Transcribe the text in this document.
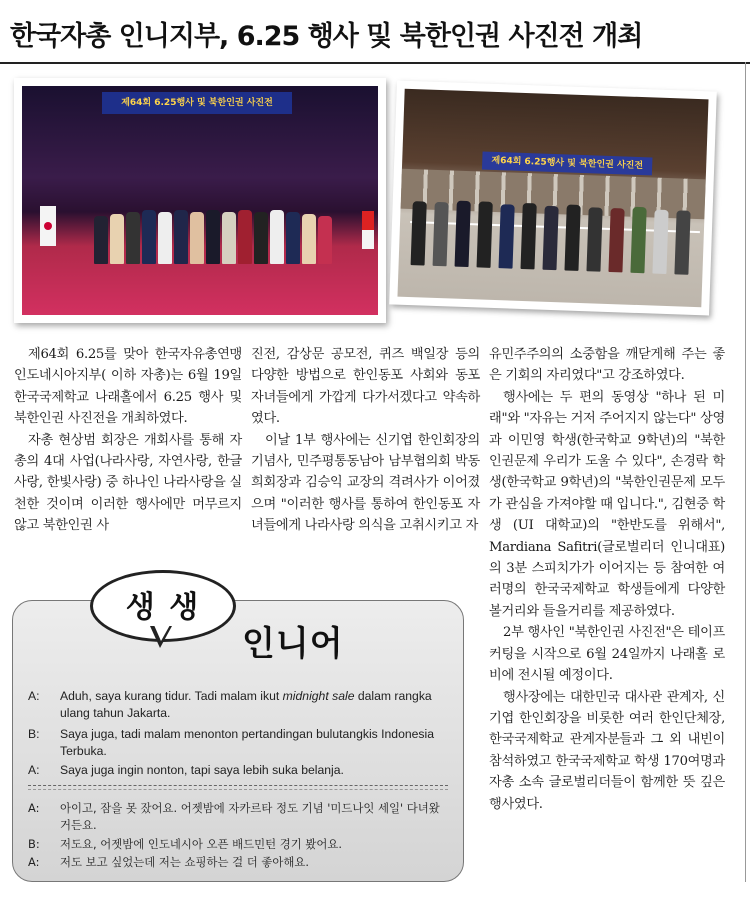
한국자총 인니지부, 6.25 행사 및 북한인권 사진전 개최
제64회 6.25행사 및 북한인권 사진전
제64회 6.25행사 및 북한인권 사진전

제64회 6.25를 맞아 한국자유총연맹 인도네시아지부( 이하 자총)는 6월 19일 한국국제학교 나래홀에서 6.25 행사 및 북한인권 사진전을 개최하였다.

자총 현상범 회장은 개회사를 통해 자총의 4대 사업(나라사랑, 자연사랑, 한글사랑, 한빛사랑) 중 하나인 나라사랑을 실천한 것이며 이러한 행사에만 머무르지 않고 북한인권 사

진전, 감상문 공모전, 퀴즈 백일장 등의 다양한 방법으로 한인동포 사회와 동포 자녀들에게 가깝게 다가서겠다고 약속하였다.

이날 1부 행사에는 신기엽 한인회장의 기념사, 민주평통동남아 남부협의회 박동희회장과 김승익 교장의 격려사가 이어졌으며 "이러한 행사를 통하여 한인동포 자녀들에게 나라사랑 의식을 고취시키고 자

유민주주의의 소중함을 깨닫게해 주는 좋은 기회의 자리였다"고 강조하였다.

행사에는 두 편의 동영상 "하나 된 미래"와 "자유는 거저 주어지지 않는다" 상영과 이민영 학생(한국학교 9학년)의 "북한인권문제 우리가 도울 수 있다", 손경락 학생(한국학교 9학년)의 "북한인권문제 모두가 관심을 가져야할 때 입니다.", 김현중 학생 (UI 대학교)의 "한반도를 위해서", Mardiana Safitri(글로벌리더 인니대표)의 3분 스피치가가 이어지는 등 참여한 여러명의 한국국제학교 학생들에게 다양한 볼거리와 들을거리를 제공하였다.

2부 행사인 "북한인권 사진전"은 테이프 커팅을 시작으로 6월 24일까지 나래홀 로비에 전시될 예정이다.

행사장에는 대한민국 대사관 관계자, 신기엽 한인회장을 비롯한 여러 한인단체장, 한국국제학교 관계자분들과 그 외 내빈이 참석하였고 한국국제학교 학생 170여명과 자총 소속 글로벌리더들이 함께한 뜻 깊은 행사였다.

생 생
인니어
A:	Aduh, saya kurang tidur. Tadi malam ikut midnight sale dalam rangka ulang tahun Jakarta.
B:	Saya juga, tadi malam menonton pertandingan bulutangkis Indonesia Terbuka.
A:	Saya juga ingin nonton, tapi saya lebih suka belanja.
A:	아이고, 잠을 못 잤어요. 어젯밤에 자카르타 정도 기념 '미드나잇 세일' 다녀왔거든요.
B:	저도요, 어젯밤에 인도네시아 오픈 배드민턴 경기 봤어요.
A:	저도 보고 싶었는데 저는 쇼핑하는 걸 더 좋아해요.
